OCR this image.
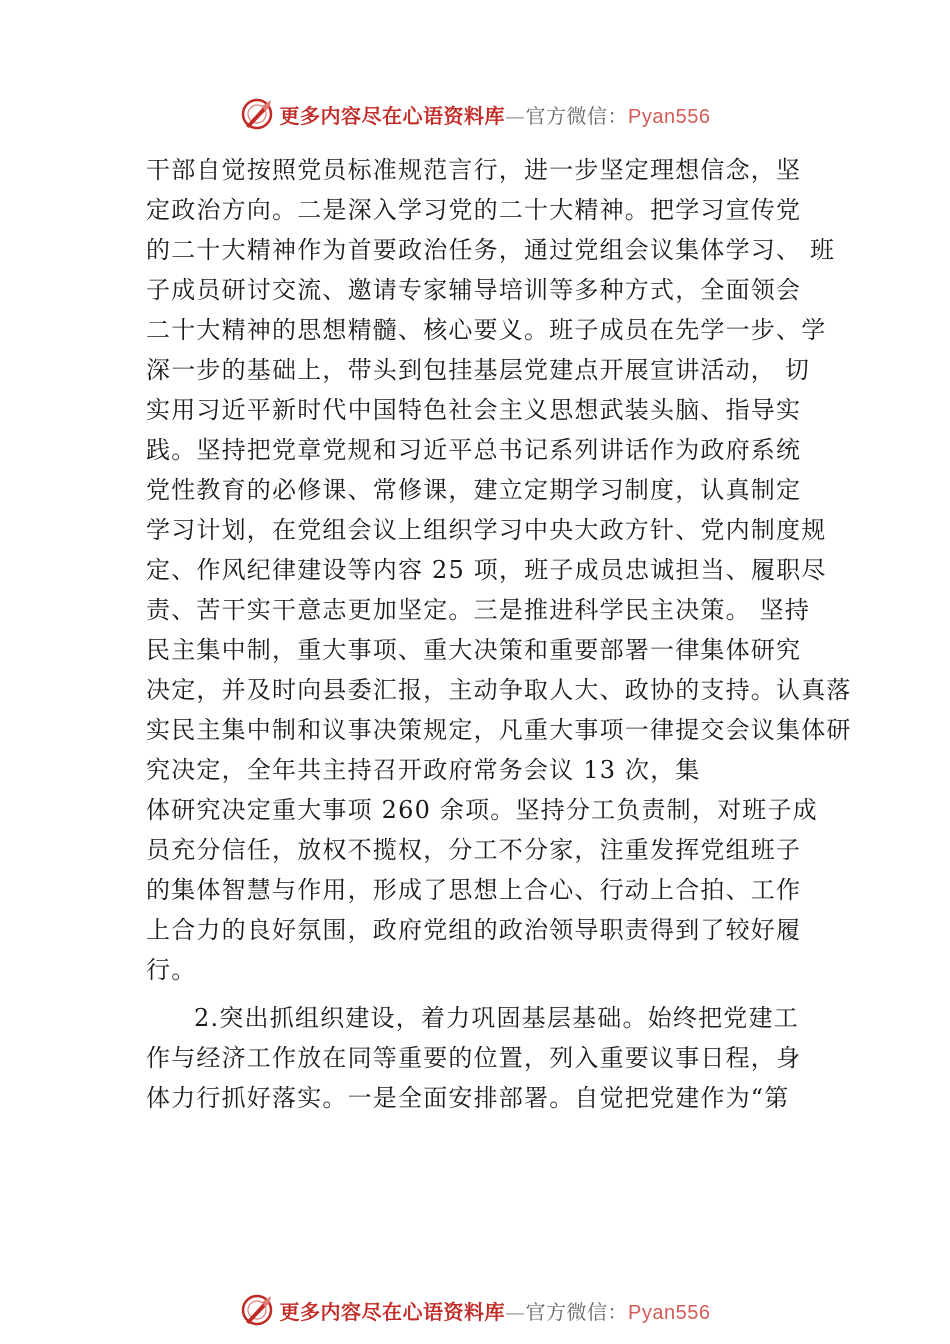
更多内容尽在心语资料库—官方微信：Pyan556
干部自觉按照党员标准规范言行，进一步坚定理想信念，坚
定政治方向。二是深入学习党的二十大精神。把学习宣传党
的二十大精神作为首要政治任务，通过党组会议集体学习、 班
子成员研讨交流、邀请专家辅导培训等多种方式，全面领会
二十大精神的思想精髓、核心要义。班子成员在先学一步、学
深一步的基础上，带头到包挂基层党建点开展宣讲活动， 切
实用习近平新时代中国特色社会主义思想武装头脑、指导实
践。坚持把党章党规和习近平总书记系列讲话作为政府系统
党性教育的必修课、常修课，建立定期学习制度，认真制定
学习计划，在党组会议上组织学习中央大政方针、党内制度规
定、作风纪律建设等内容 25 项，班子成员忠诚担当、履职尽
责、苦干实干意志更加坚定。三是推进科学民主决策。 坚持
民主集中制，重大事项、重大决策和重要部署一律集体研究
决定，并及时向县委汇报，主动争取人大、政协的支持。认真落
实民主集中制和议事决策规定，凡重大事项一律提交会议集体研
究决定，全年共主持召开政府常务会议 13 次，集
体研究决定重大事项 260 余项。坚持分工负责制，对班子成
员充分信任，放权不揽权，分工不分家，注重发挥党组班子
的集体智慧与作用，形成了思想上合心、行动上合拍、工作
上合力的良好氛围，政府党组的政治领导职责得到了较好履
行。
2.突出抓组织建设，着力巩固基层基础。始终把党建工
作与经济工作放在同等重要的位置，列入重要议事日程，身
体力行抓好落实。一是全面安排部署。自觉把党建作为“第
更多内容尽在心语资料库—官方微信：Pyan556
